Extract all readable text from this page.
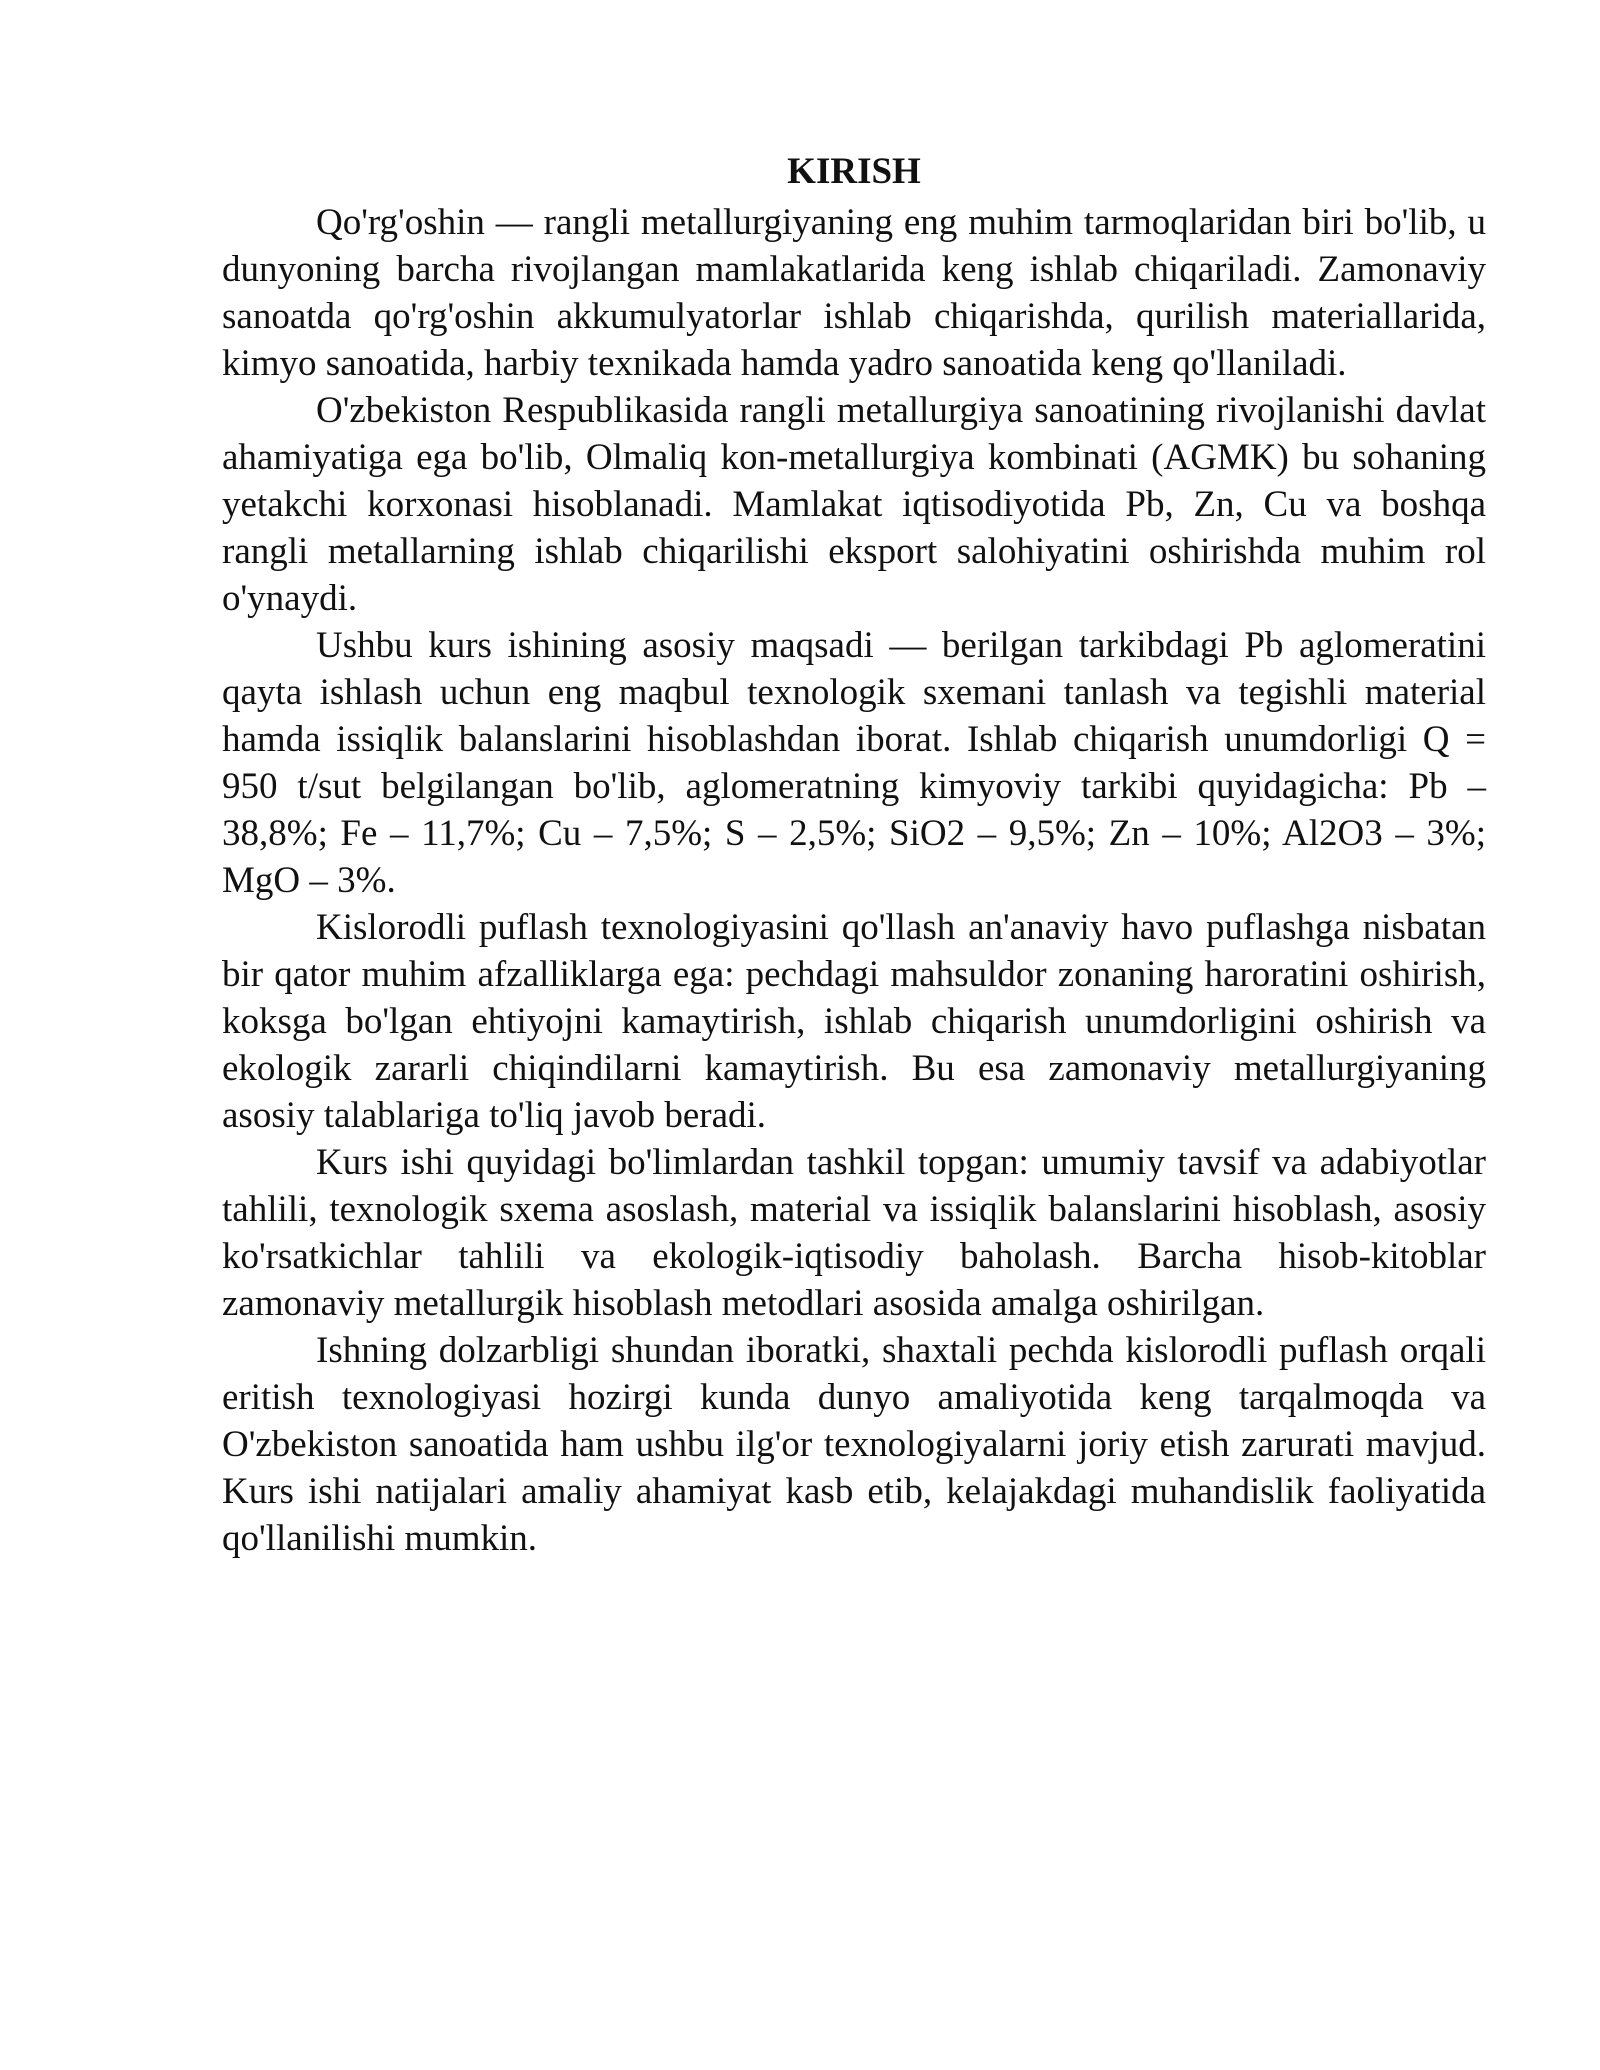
KIRISH

Qo'rg'oshin — rangli metallurgiyaning eng muhim tarmoqlaridan biri bo'lib, u dunyoning barcha rivojlangan mamlakatlarida keng ishlab chiqariladi. Zamonaviy sanoatda qo'rg'oshin akkumulyatorlar ishlab chiqarishda, qurilish materiallarida, kimyo sanoatida, harbiy texnikada hamda yadro sanoatida keng qo'llaniladi.

O'zbekiston Respublikasida rangli metallurgiya sanoatining rivojlanishi davlat ahamiyatiga ega bo'lib, Olmaliq kon-metallurgiya kombinati (AGMK) bu sohaning yetakchi korxonasi hisoblanadi. Mamlakat iqtisodiyotida Pb, Zn, Cu va boshqa rangli metallarning ishlab chiqarilishi eksport salohiyatini oshirishda muhim rol o'ynaydi.

Ushbu kurs ishining asosiy maqsadi — berilgan tarkibdagi Pb aglomeratini qayta ishlash uchun eng maqbul texnologik sxemani tanlash va tegishli material hamda issiqlik balanslarini hisoblashdan iborat. Ishlab chiqarish unumdorligi Q = 950 t/sut belgilangan bo'lib, aglomeratning kimyoviy tarkibi quyidagicha: Pb – 38,8%; Fe – 11,7%; Cu – 7,5%; S – 2,5%; SiO2 – 9,5%; Zn – 10%; Al2O3 – 3%; MgO – 3%.

Kislorodli puflash texnologiyasini qo'llash an'anaviy havo puflashga nisbatan bir qator muhim afzalliklarga ega: pechdagi mahsuldor zonaning haroratini oshirish, koksga bo'lgan ehtiyojni kamaytirish, ishlab chiqarish unumdorligini oshirish va ekologik zararli chiqindilarni kamaytirish. Bu esa zamonaviy metallurgiyaning asosiy talablariga to'liq javob beradi.

Kurs ishi quyidagi bo'limlardan tashkil topgan: umumiy tavsif va adabiyotlar tahlili, texnologik sxema asoslash, material va issiqlik balanslarini hisoblash, asosiy ko'rsatkichlar tahlili va ekologik-iqtisodiy baholash. Barcha hisob-kitoblar zamonaviy metallurgik hisoblash metodlari asosida amalga oshirilgan.

Ishning dolzarbligi shundan iboratki, shaxtali pechda kislorodli puflash orqali eritish texnologiyasi hozirgi kunda dunyo amaliyotida keng tarqalmoqda va O'zbekiston sanoatida ham ushbu ilg'or texnologiyalarni joriy etish zarurati mavjud. Kurs ishi natijalari amaliy ahamiyat kasb etib, kelajakdagi muhandislik faoliyatida qo'llanilishi mumkin.
